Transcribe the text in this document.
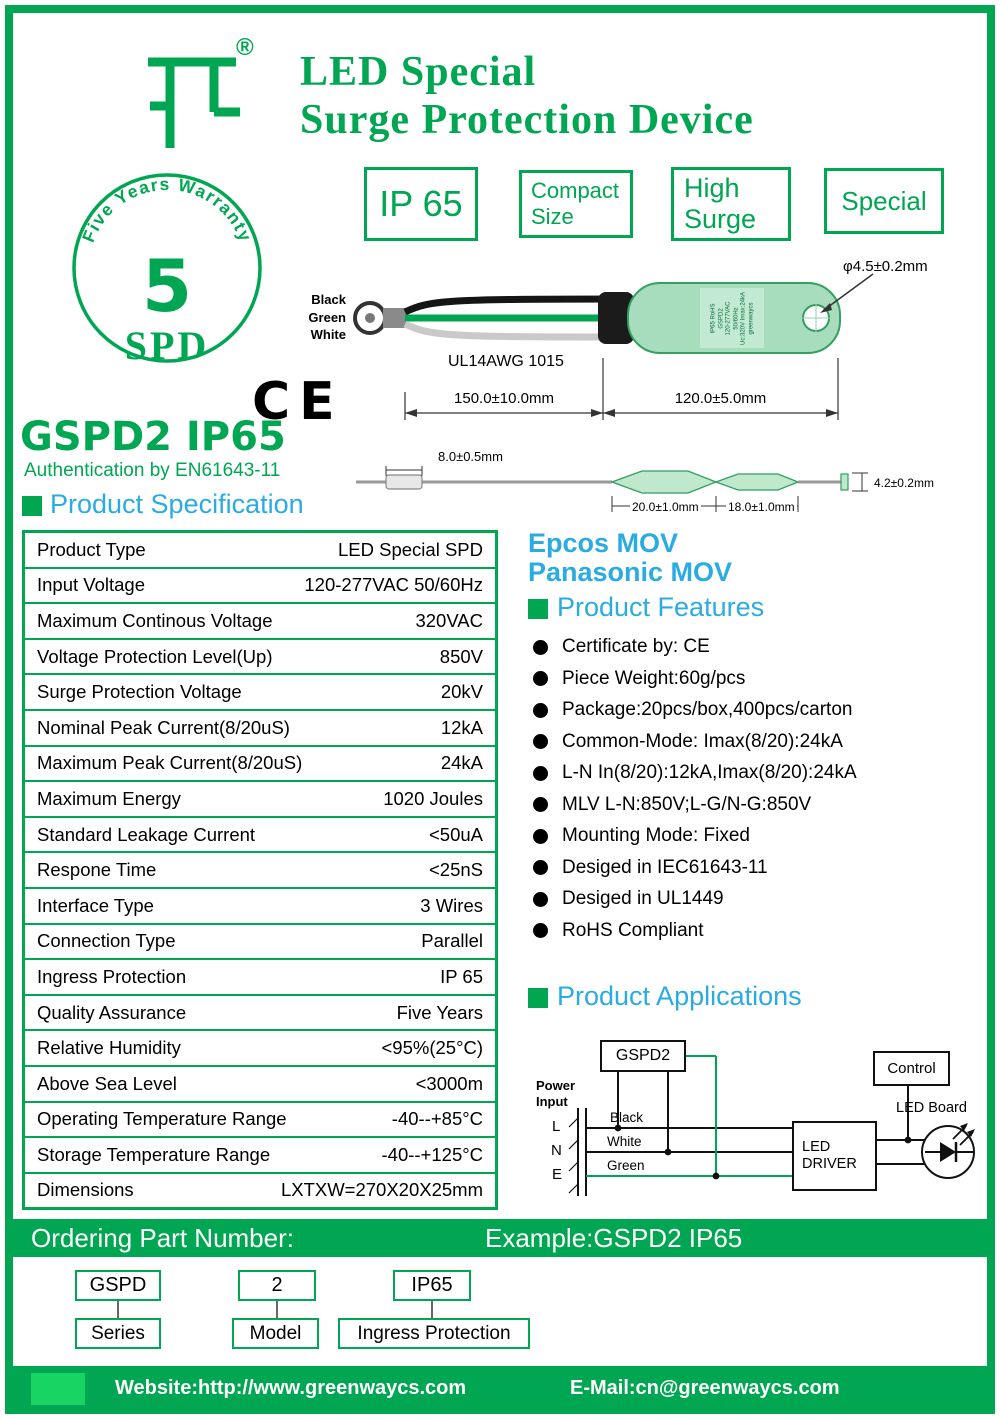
Five Years Warranty
®
LED Special
Surge Protection Device
5
SPD
IP 65	Compact
Size
High
Surge
Special
Black
Green
White
IP65 RoHS GSPD2 120-277VAC 50/60Hz Uc:320V Imax:24kA greenwaycs
UL14AWG 1015
150.0±10.0mm	120.0±5.0mm
φ4.5±0.2mm
CE
GSPD2 IP65
Authentication by EN61643-11
8.0±0.5mm
20.0±1.0mm 18.0±1.0mm
4.2±0.2mm
Product Specification
Product Type	LED Special SPD
Input Voltage	120-277VAC 50/60Hz
Maximum Continous Voltage	320VAC
Voltage Protection Level(Up)	850V
Surge Protection Voltage	20kV
Nominal Peak Current(8/20uS)	12kA
Maximum Peak Current(8/20uS)	24kA
Maximum Energy	1020 Joules
Standard Leakage Current	<50uA
Respone Time	<25nS
Interface Type	3 Wires
Connection Type	Parallel
Ingress Protection	IP 65
Quality Assurance	Five Years
Relative Humidity	<95%(25°C)
Above Sea Level	<3000m
Operating Temperature Range	-40--+85°C
Storage Temperature Range	-40--+125°C
Dimensions	LXTXW=270X20X25mm
Epcos MOV
Panasonic MOV
Product Features
Certificate by: CE
Piece Weight:60g/pcs
Package:20pcs/box,400pcs/carton
Common-Mode: Imax(8/20):24kA
L-N In(8/20):12kA,Imax(8/20):24kA
MLV L-N:850V;L-G/N-G:850V
Mounting Mode: Fixed
Desiged in IEC61643-11
Desiged in UL1449
RoHS Compliant
Product Applications
GSPD2
Control
LED
DRIVER
LED Board
Power
Input
L
N
E
Black
White
Green
Ordering Part Number:	Example:GSPD2 IP65
GSPD	2	IP65
Series	Model	Ingress Protection
Website:http://www.greenwaycs.com	E-Mail:cn@greenwaycs.com
